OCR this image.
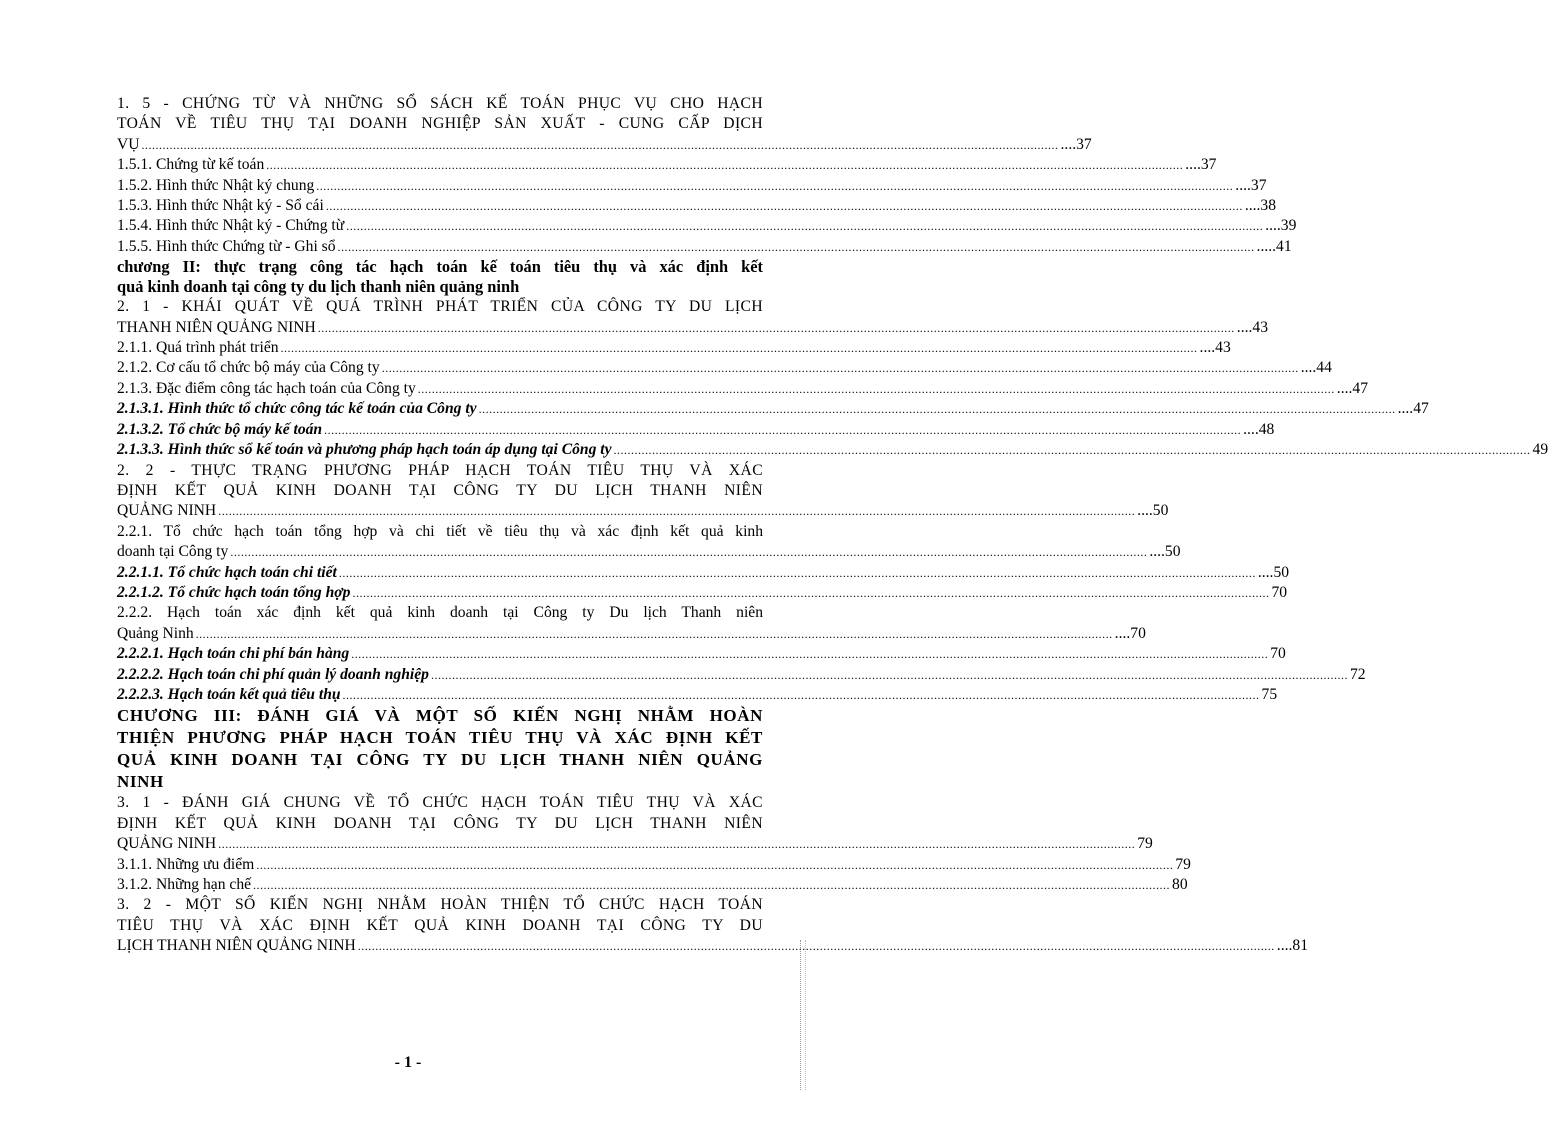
1. 5 - CHỨNG TỪ VÀ NHỮNG SỔ SÁCH KẾ TOÁN PHỤC VỤ CHO HẠCH
TOÁN VỀ TIÊU THỤ TẠI DOANH NGHIỆP SẢN XUẤT - CUNG CẤP DỊCH
VỤ .....	....37
1.5.1. Chứng từ kế toán .....	....37
1.5.2. Hình thức Nhật ký chung .....	....37
1.5.3. Hình thức Nhật ký - Sổ cái .....	....38
1.5.4. Hình thức Nhật ký - Chứng từ .....	....39
1.5.5. Hình thức Chứng từ - Ghi sổ .....	.....41
chương II: thực trạng công tác hạch toán kế toán tiêu thụ và xác định kết
quả kinh doanh tại công ty du lịch thanh niên quảng ninh
2. 1 - KHÁI QUÁT VỀ QUÁ TRÌNH PHÁT TRIỂN CỦA CÔNG TY DU LỊCH
THANH NIÊN QUẢNG NINH .....	....43
2.1.1. Quá trình phát triển .....	....43
2.1.2. Cơ cấu tổ chức bộ máy của Công ty .....	....44
2.1.3. Đặc điểm công tác hạch toán của Công ty .....	....47
2.1.3.1. Hình thức tổ chức công tác kế toán của Công ty .....	....47
2.1.3.2. Tổ chức bộ máy kế toán .....	....48
2.1.3.3. Hình thức sổ kế toán và phương pháp hạch toán áp dụng tại Công ty .....	49
2. 2 - THỰC TRẠNG PHƯƠNG PHÁP HẠCH TOÁN TIÊU THỤ VÀ XÁC
ĐỊNH KẾT QUẢ KINH DOANH TẠI CÔNG TY DU LỊCH THANH NIÊN
QUẢNG NINH .....	....50
2.2.1. Tổ chức hạch toán tổng hợp và chi tiết về tiêu thụ và xác định kết quả kinh
doanh tại Công ty .....	....50
2.2.1.1. Tổ chức hạch toán chi tiết .....	....50
2.2.1.2. Tổ chức hạch toán tổng hợp .....	70
2.2.2. Hạch toán xác định kết quả kinh doanh tại Công ty Du lịch Thanh niên
Quảng Ninh .....	....70
2.2.2.1. Hạch toán chi phí bán hàng .....	70
2.2.2.2. Hạch toán chi phí quản lý doanh nghiệp .....	72
2.2.2.3. Hạch toán kết quả tiêu thụ .....	75
CHƯƠNG III: ĐÁNH GIÁ VÀ MỘT SỐ KIẾN NGHỊ NHẰM HOÀN
THIỆN PHƯƠNG PHÁP HẠCH TOÁN TIÊU THỤ VÀ XÁC ĐỊNH KẾT
QUẢ KINH DOANH TẠI CÔNG TY DU LỊCH THANH NIÊN QUẢNG
NINH
3. 1 - ĐÁNH GIÁ CHUNG VỀ TỔ CHỨC HẠCH TOÁN TIÊU THỤ VÀ XÁC
ĐỊNH KẾT QUẢ KINH DOANH TẠI CÔNG TY DU LỊCH THANH NIÊN
QUẢNG NINH .....	79
3.1.1. Những ưu điểm .....	79
3.1.2. Những hạn chế .....	80
3. 2 - MỘT SỐ KIẾN NGHỊ NHẰM HOÀN THIỆN TỔ CHỨC HẠCH TOÁN
TIÊU THỤ VÀ XÁC ĐỊNH KẾT QUẢ KINH DOANH TẠI CÔNG TY DU
LỊCH THANH NIÊN QUẢNG NINH .....	....81
- 1 -
